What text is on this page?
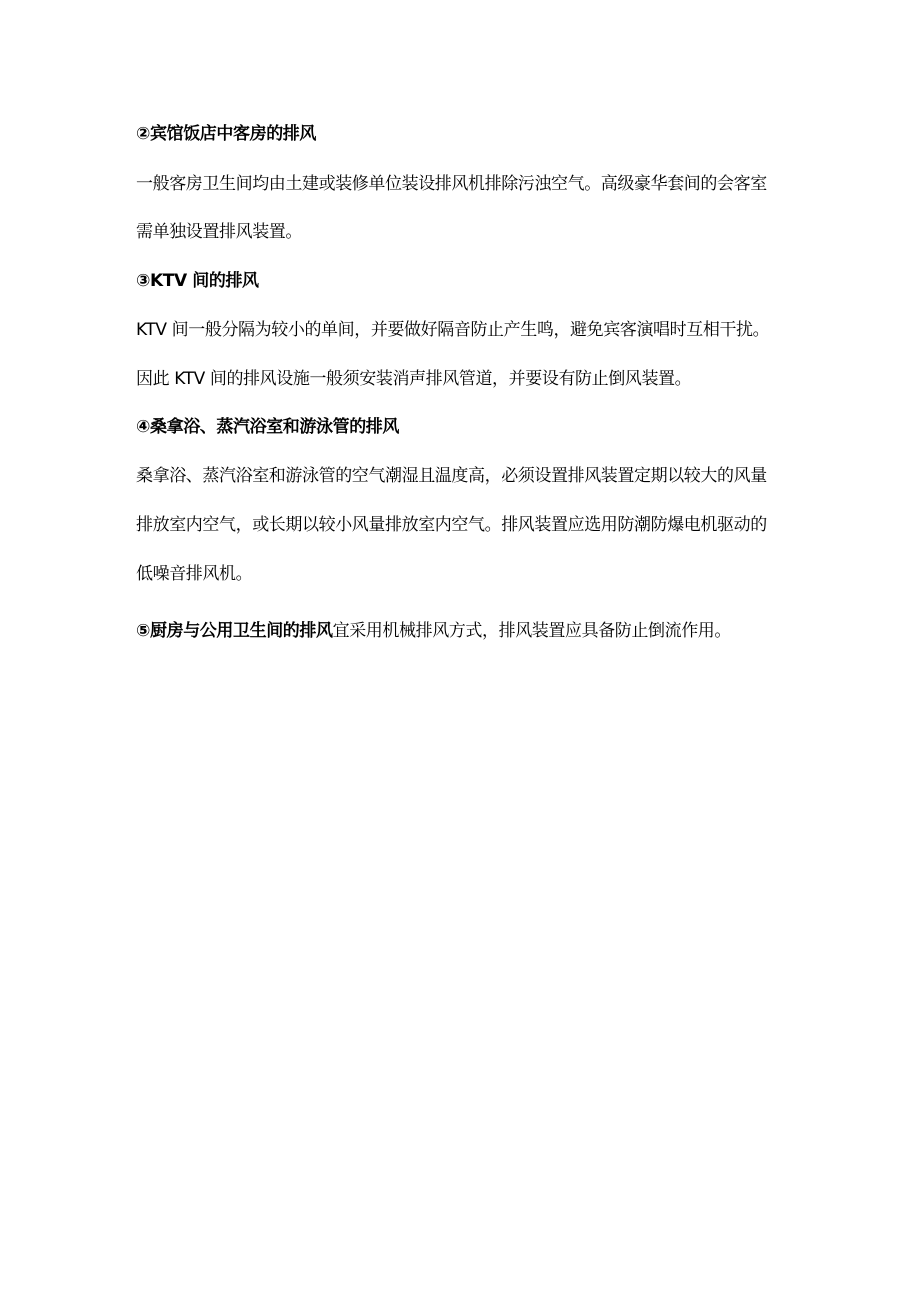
②宾馆饭店中客房的排风

一般客房卫生间均由土建或装修单位装设排风机排除污浊空气。高级豪华套间的会客室

需单独设置排风装置。

③KTV 间的排风

KTV 间一般分隔为较小的单间，并要做好隔音防止产生鸣，避免宾客演唱时互相干扰。

因此 KTV 间的排风设施一般须安装消声排风管道，并要设有防止倒风装置。

④桑拿浴、蒸汽浴室和游泳管的排风

桑拿浴、蒸汽浴室和游泳管的空气潮湿且温度高，必须设置排风装置定期以较大的风量

排放室内空气，或长期以较小风量排放室内空气。排风装置应选用防潮防爆电机驱动的

低噪音排风机。

⑤厨房与公用卫生间的排风宜采用机械排风方式，排风装置应具备防止倒流作用。
